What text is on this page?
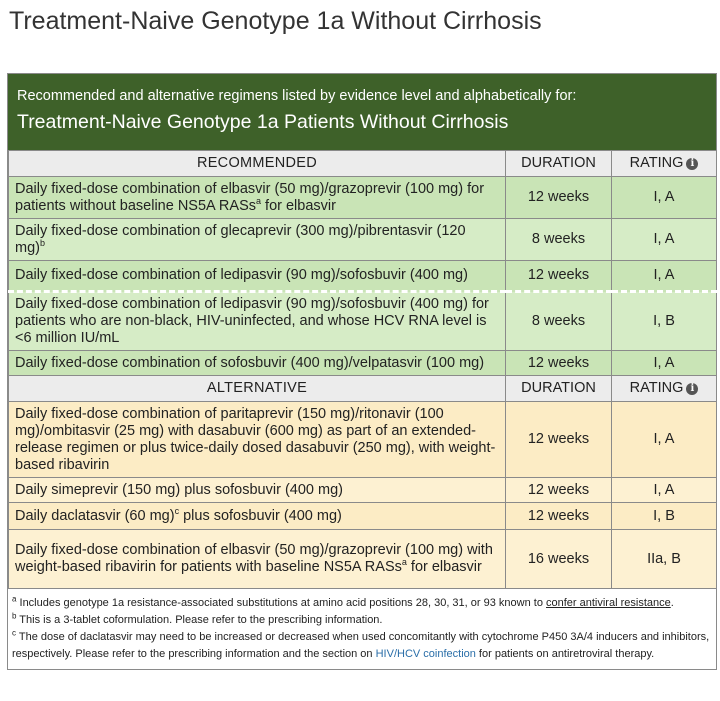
Treatment-Naive Genotype 1a Without Cirrhosis
Recommended and alternative regimens listed by evidence level and alphabetically for:
Treatment-Naive Genotype 1a Patients Without Cirrhosis
RECOMMENDED	DURATION	RATING i
Daily fixed-dose combination of elbasvir (50 mg)/grazoprevir (100 mg) for patients without baseline NS5A RASs$^a$ for elbasvir	12 weeks	I, A
Daily fixed-dose combination of glecaprevir (300 mg)/pibrentasvir (120 mg)$^b$	8 weeks	I, A
Daily fixed-dose combination of ledipasvir (90 mg)/sofosbuvir (400 mg)	12 weeks	I, A
Daily fixed-dose combination of ledipasvir (90 mg)/sofosbuvir (400 mg) for patients who are non-black, HIV-uninfected, and whose HCV RNA level is <6 million IU/mL	8 weeks	I, B
Daily fixed-dose combination of sofosbuvir (400 mg)/velpatasvir (100 mg)	12 weeks	I, A
ALTERNATIVE	DURATION	RATING i
Daily fixed-dose combination of paritaprevir (150 mg)/ritonavir (100 mg)/ombitasvir (25 mg) with dasabuvir (600 mg) as part of an extended-release regimen or plus twice-daily dosed dasabuvir (250 mg), with weight-based ribavirin	12 weeks	I, A
Daily simeprevir (150 mg) plus sofosbuvir (400 mg)	12 weeks	I, A
Daily daclatasvir (60 mg)$^c$ plus sofosbuvir (400 mg)	12 weeks	I, B
Daily fixed-dose combination of elbasvir (50 mg)/grazoprevir (100 mg) with weight-based ribavirin for patients with baseline NS5A RASs$^a$ for elbasvir	16 weeks	IIa, B
$^a$ Includes genotype 1a resistance-associated substitutions at amino acid positions 28, 30, 31, or 93 known to confer antiviral resistance.
$^b$ This is a 3-tablet coformulation. Please refer to the prescribing information.
$^c$ The dose of daclatasvir may need to be increased or decreased when used concomitantly with cytochrome P450 3A/4 inducers and inhibitors, respectively. Please refer to the prescribing information and the section on HIV/HCV coinfection for patients on antiretroviral therapy.
